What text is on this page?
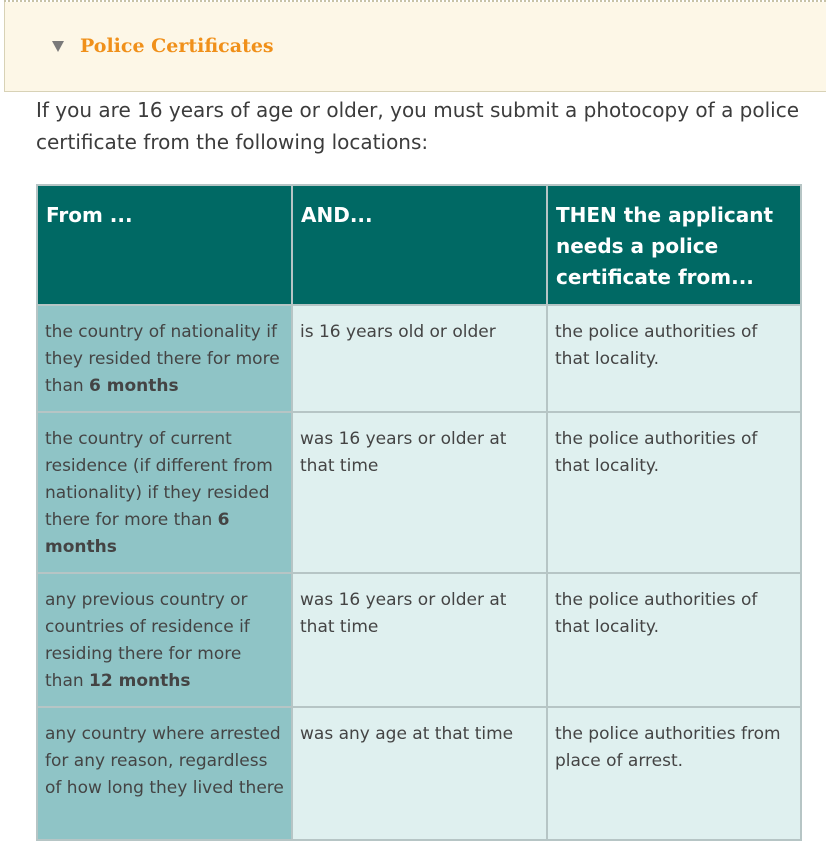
Police Certificates

If you are 16 years of age or older, you must submit a photocopy of a police certificate from the following locations:

From ...	AND...	THEN the applicant needs a police certificate from...
the country of nationality if they resided there for more than 6 months	is 16 years old or older	the police authorities of that locality.
the country of current residence (if different from nationality) if they resided there for more than 6 months	was 16 years or older at that time	the police authorities of that locality.
any previous country or countries of residence if residing there for more than 12 months	was 16 years or older at that time	the police authorities of that locality.
any country where arrested for any reason, regardless of how long they lived there	was any age at that time	the police authorities from place of arrest.
